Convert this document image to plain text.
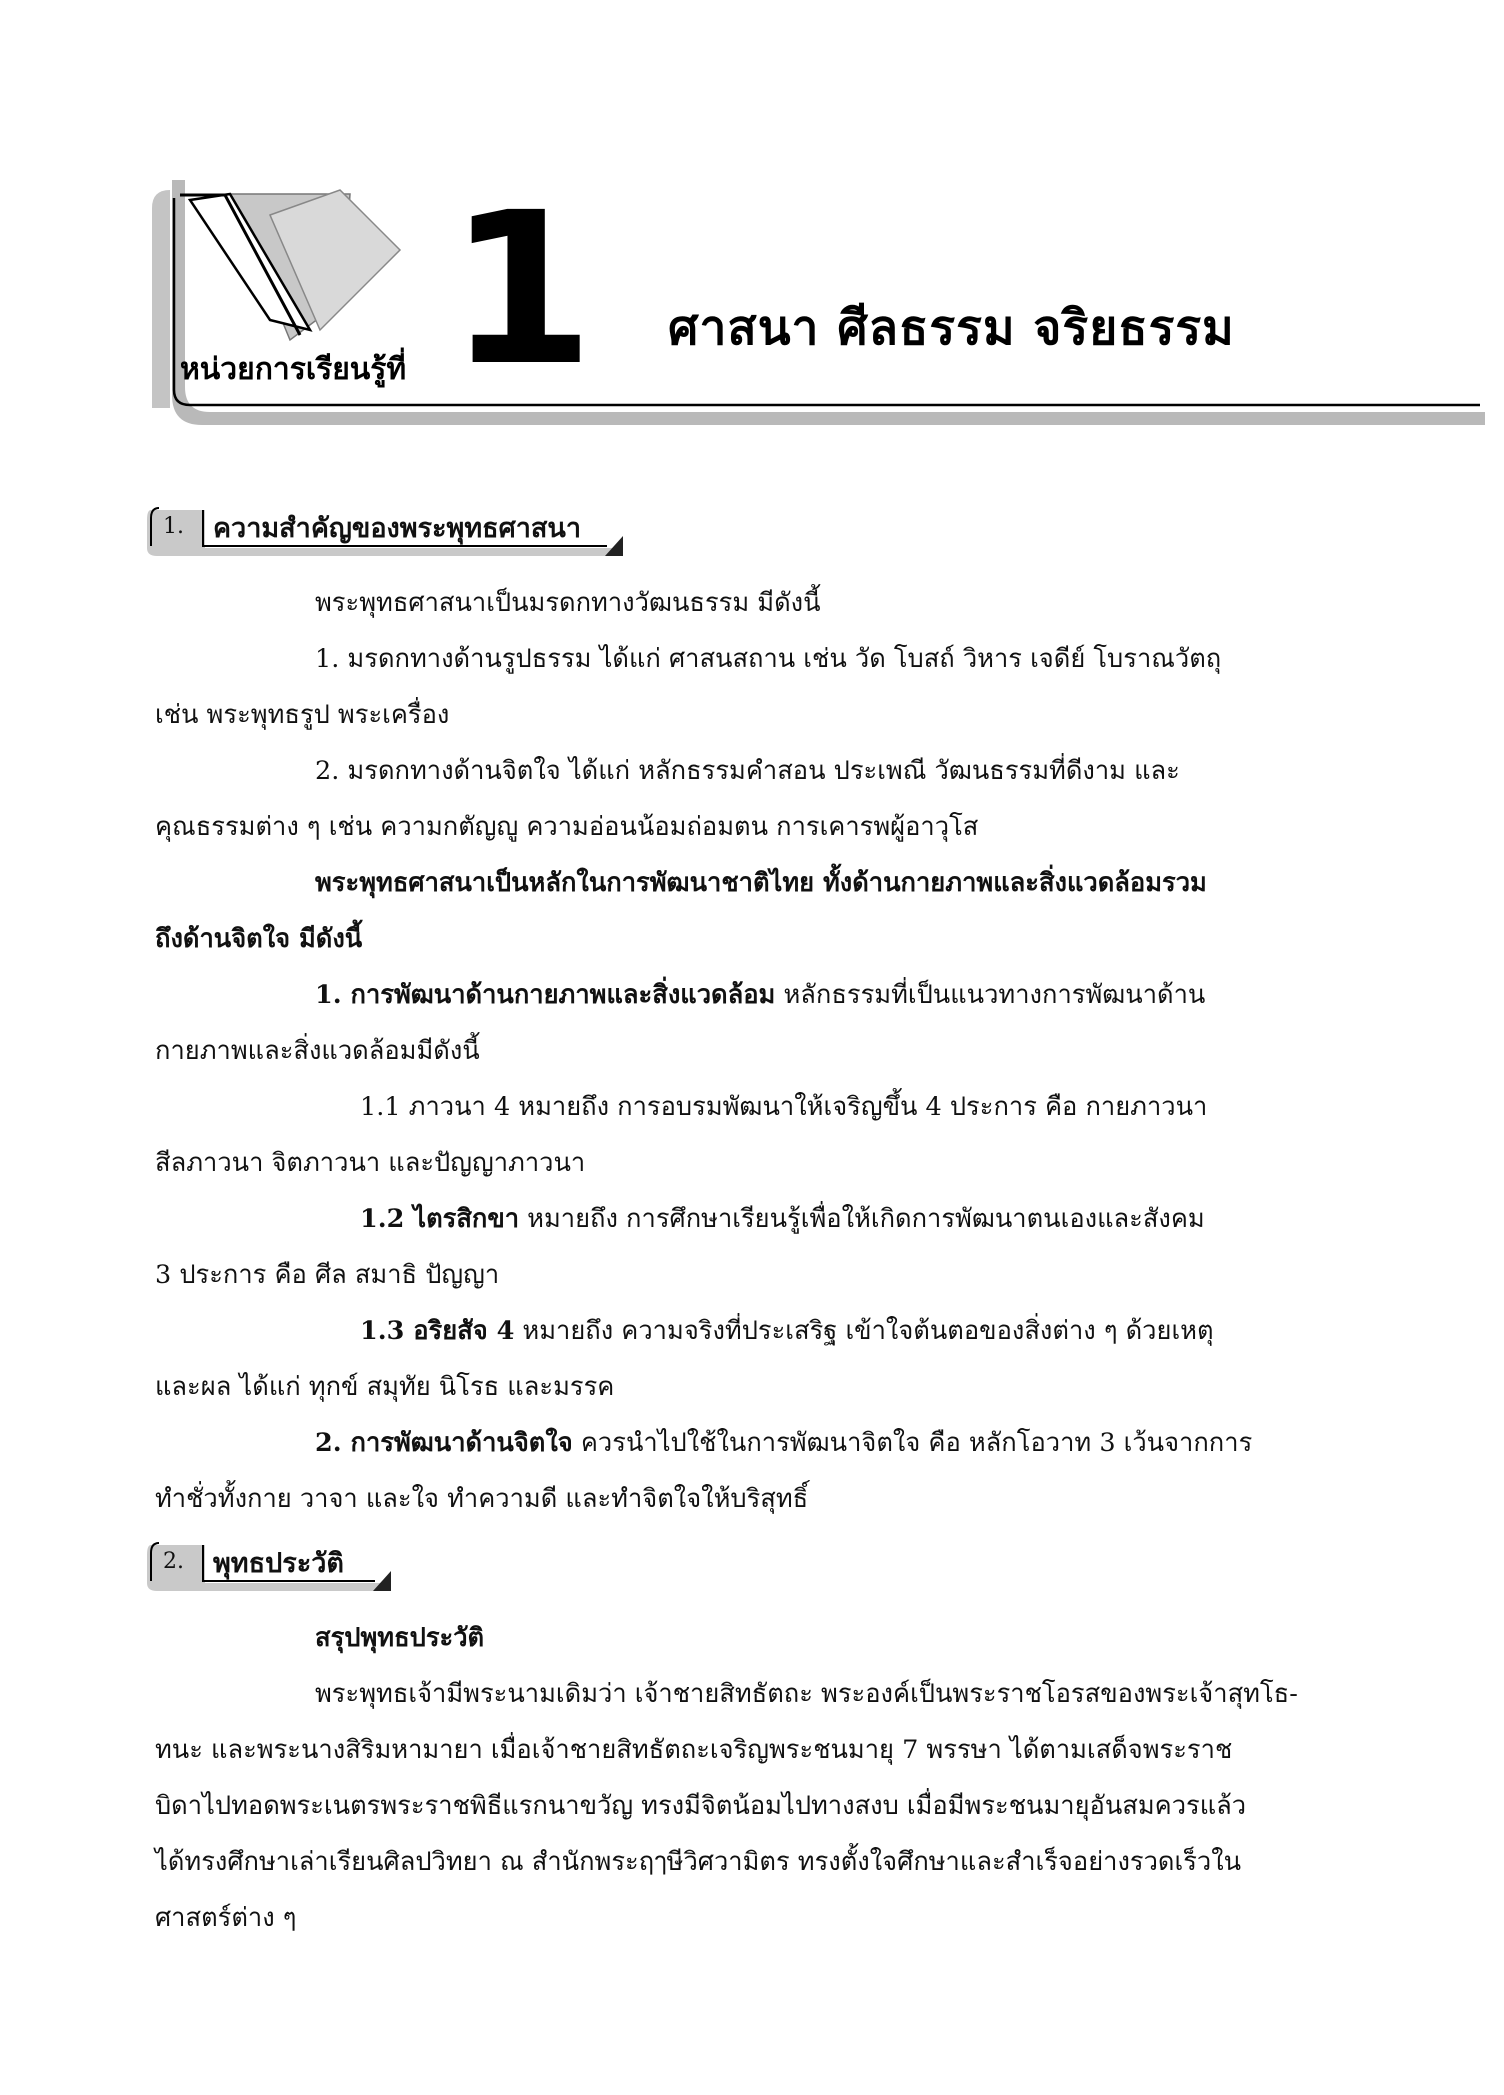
หน่วยการเรียนรู้ที่ 1 ศาสนา ศีลธรรม จริยธรรม
1. ความสำคัญของพระพุทธศาสนา

พระพุทธศาสนาเป็นมรดกทางวัฒนธรรม มีดังนี้

1. มรดกทางด้านรูปธรรม ได้แก่ ศาสนสถาน เช่น วัด โบสถ์ วิหาร เจดีย์ โบราณวัตถุ

เช่น พระพุทธรูป พระเครื่อง

2. มรดกทางด้านจิตใจ ได้แก่ หลักธรรมคำสอน ประเพณี วัฒนธรรมที่ดีงาม และ

คุณธรรมต่าง ๆ เช่น ความกตัญญู ความอ่อนน้อมถ่อมตน การเคารพผู้อาวุโส

พระพุทธศาสนาเป็นหลักในการพัฒนาชาติไทย ทั้งด้านกายภาพและสิ่งแวดล้อมรวม

ถึงด้านจิตใจ มีดังนี้

1. การพัฒนาด้านกายภาพและสิ่งแวดล้อม หลักธรรมที่เป็นแนวทางการพัฒนาด้าน

กายภาพและสิ่งแวดล้อมมีดังนี้

1.1 ภาวนา 4 หมายถึง การอบรมพัฒนาให้เจริญขึ้น 4 ประการ คือ กายภาวนา

สีลภาวนา จิตภาวนา และปัญญาภาวนา

1.2 ไตรสิกขา หมายถึง การศึกษาเรียนรู้เพื่อให้เกิดการพัฒนาตนเองและสังคม

3 ประการ คือ ศีล สมาธิ ปัญญา

1.3 อริยสัจ 4 หมายถึง ความจริงที่ประเสริฐ เข้าใจต้นตอของสิ่งต่าง ๆ ด้วยเหตุ

และผล ได้แก่ ทุกข์ สมุทัย นิโรธ และมรรค

2. การพัฒนาด้านจิตใจ ควรนำไปใช้ในการพัฒนาจิตใจ คือ หลักโอวาท 3 เว้นจากการ

ทำชั่วทั้งกาย วาจา และใจ ทำความดี และทำจิตใจให้บริสุทธิ์

2. พุทธประวัติ

สรุปพุทธประวัติ

พระพุทธเจ้ามีพระนามเดิมว่า เจ้าชายสิทธัตถะ พระองค์เป็นพระราชโอรสของพระเจ้าสุทโธ-

ทนะ และพระนางสิริมหามายา เมื่อเจ้าชายสิทธัตถะเจริญพระชนมายุ 7 พรรษา ได้ตามเสด็จพระราช

บิดาไปทอดพระเนตรพระราชพิธีแรกนาขวัญ ทรงมีจิตน้อมไปทางสงบ เมื่อมีพระชนมายุอันสมควรแล้ว

ได้ทรงศึกษาเล่าเรียนศิลปวิทยา ณ สำนักพระฤๅษีวิศวามิตร ทรงตั้งใจศึกษาและสำเร็จอย่างรวดเร็วใน

ศาสตร์ต่าง ๆ
